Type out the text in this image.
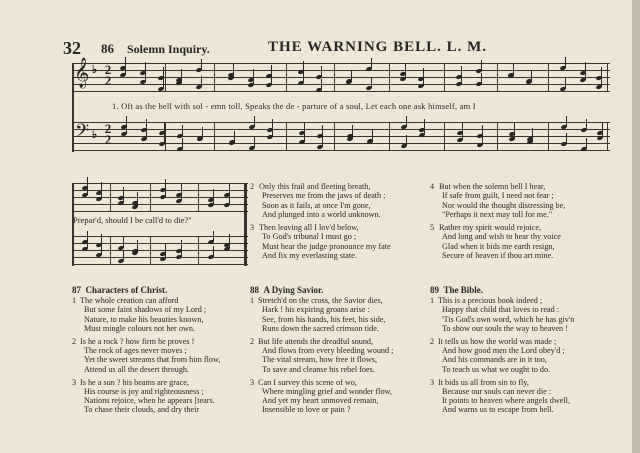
32 86 Solemn Inquiry.	THE WARNING BELL. L. M.
𝄞 ♭ 2
2
𝄢 ♭ 2
2
1. Oft as the bell with sol - emn toll, Speaks the de - parture of a soul, Let each one ask himself, am I
Prepar'd, should I be call'd to die?"

2 Only this frail and fleeting breath,

Preserves me from the jaws of death ;

Soon as it fails, at once I'm gone,

And plunged into a world unknown.

3 Then leaving all I lov'd below,

To God's tribunal I must go ;

Must hear the judge pronounce my fate

And fix my everlasting state.

4 But when the solemn bell I hear,

If safe from guilt, I need not fear ;

Nor would the thought distressing be,

"Perhaps it next may toll for me."

5 Rather my spirit would rejoice,

And long and wish to hear thy voice

Glad when it bids me earth resign,

Secure of heaven if thou art mine.

87 Characters of Christ.

1 The whole creation can afford

But some faint shadows of my Lord ;

Nature, to make his beauties known,

Must mingle colours not her own.

2 Is he a rock ? how firm he proves !

The rock of ages never moves ;

Yet the sweet streams that from him flow,

Attend us all the desert through.

3 Is he a sun ? his beams are grace,

His course is joy and righteousness ;

Nations rejoice, when he appears [tears.

To chase their clouds, and dry their

88 A Dying Savior.

1 Stretch'd on the cross, the Savior dies,

Hark ! his expiring groans arise :

See, from his hands, his feet, his side,

Runs down the sacred crimson tide.

2 But life attends the dreadful sound,

And flows from every bleeding wound ;

The vital stream, how free it flows,

To save and cleanse his rebel foes.

3 Can I survey this scene of wo,

Where mingling grief and wonder flow,

And yet my heart unmoved remain,

Insensible to love or pain ?

89 The Bible.

1 This is a precious book indeed ;

Happy that child that loves to read :

'Tis God's own word, which he has giv'n

To show our souls the way to heaven !

2 It tells us how the world was made ;

And how good men the Lord obey'd ;

And his commands are in it too,

To teach us what we ought to do.

3 It bids us all from sin to fly,

Because our souls can never die :

It points to heaven where angels dwell,

And warns us to escape from hell.
